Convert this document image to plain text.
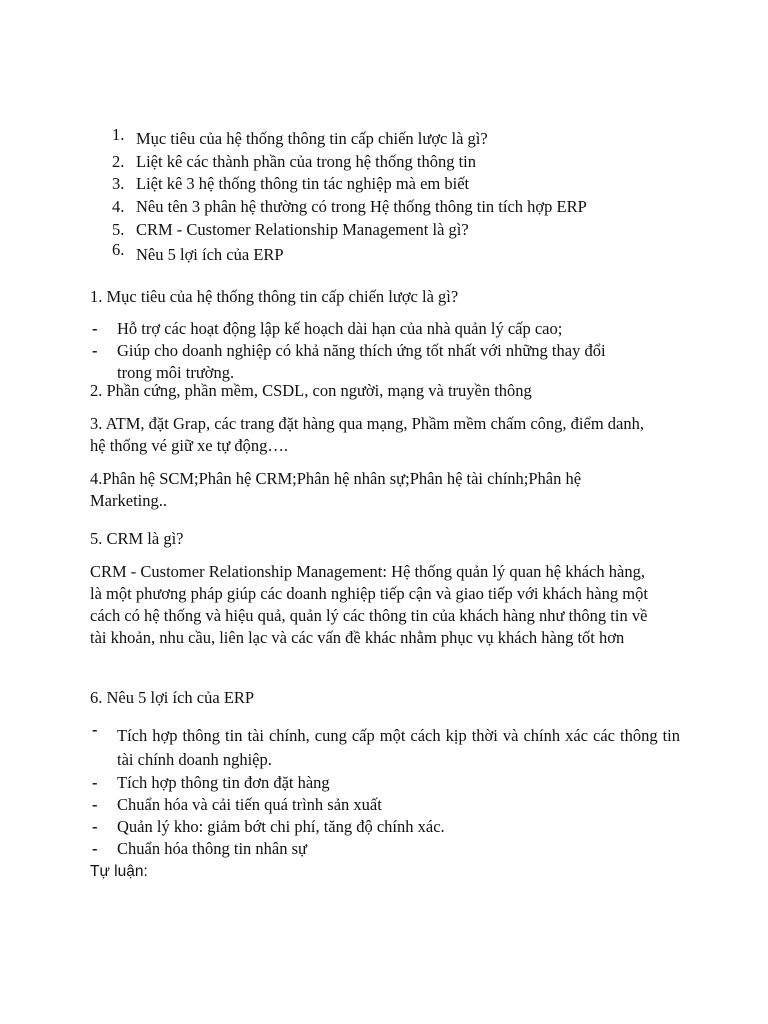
1. Mục tiêu của hệ thống thông tin cấp chiến lược là gì?
2. Liệt kê các thành phần của trong hệ thống thông tin
3. Liệt kê 3 hệ thống thông tin tác nghiệp mà em biết
4. Nêu tên 3 phân hệ thường có trong Hệ thống thông tin tích hợp ERP
5. CRM - Customer Relationship Management là gì?
6. Nêu 5 lợi ích của ERP

1. Mục tiêu của hệ thống thông tin cấp chiến lược là gì?

- Hỗ trợ các hoạt động lập kế hoạch dài hạn của nhà quản lý cấp cao;
- Giúp cho doanh nghiệp có khả năng thích ứng tốt nhất với những thay đổi trong môi trường.

2. Phần cứng, phần mềm, CSDL, con người, mạng và truyền thông

3. ATM, đặt Grap, các trang đặt hàng qua mạng, Phầm mềm chấm công, điểm danh, hệ thống vé giữ xe tự động….

4.Phân hệ SCM;Phân hệ CRM;Phân hệ nhân sự;Phân hệ tài chính;Phân hệ Marketing..

5. CRM là gì?

CRM - Customer Relationship Management: Hệ thống quản lý quan hệ khách hàng, là một phương pháp giúp các doanh nghiệp tiếp cận và giao tiếp với khách hàng một cách có hệ thống và hiệu quả, quản lý các thông tin của khách hàng như thông tin về tài khoản, nhu cầu, liên lạc và các vấn đề khác nhằm phục vụ khách hàng tốt hơn

6. Nêu 5 lợi ích của ERP

- Tích hợp thông tin tài chính, cung cấp một cách kịp thời và chính xác các thông tin tài chính doanh nghiệp.
- Tích hợp thông tin đơn đặt hàng
- Chuẩn hóa và cải tiến quá trình sản xuất
- Quản lý kho: giảm bớt chi phí, tăng độ chính xác.
- Chuẩn hóa thông tin nhân sự

Tự luận:
